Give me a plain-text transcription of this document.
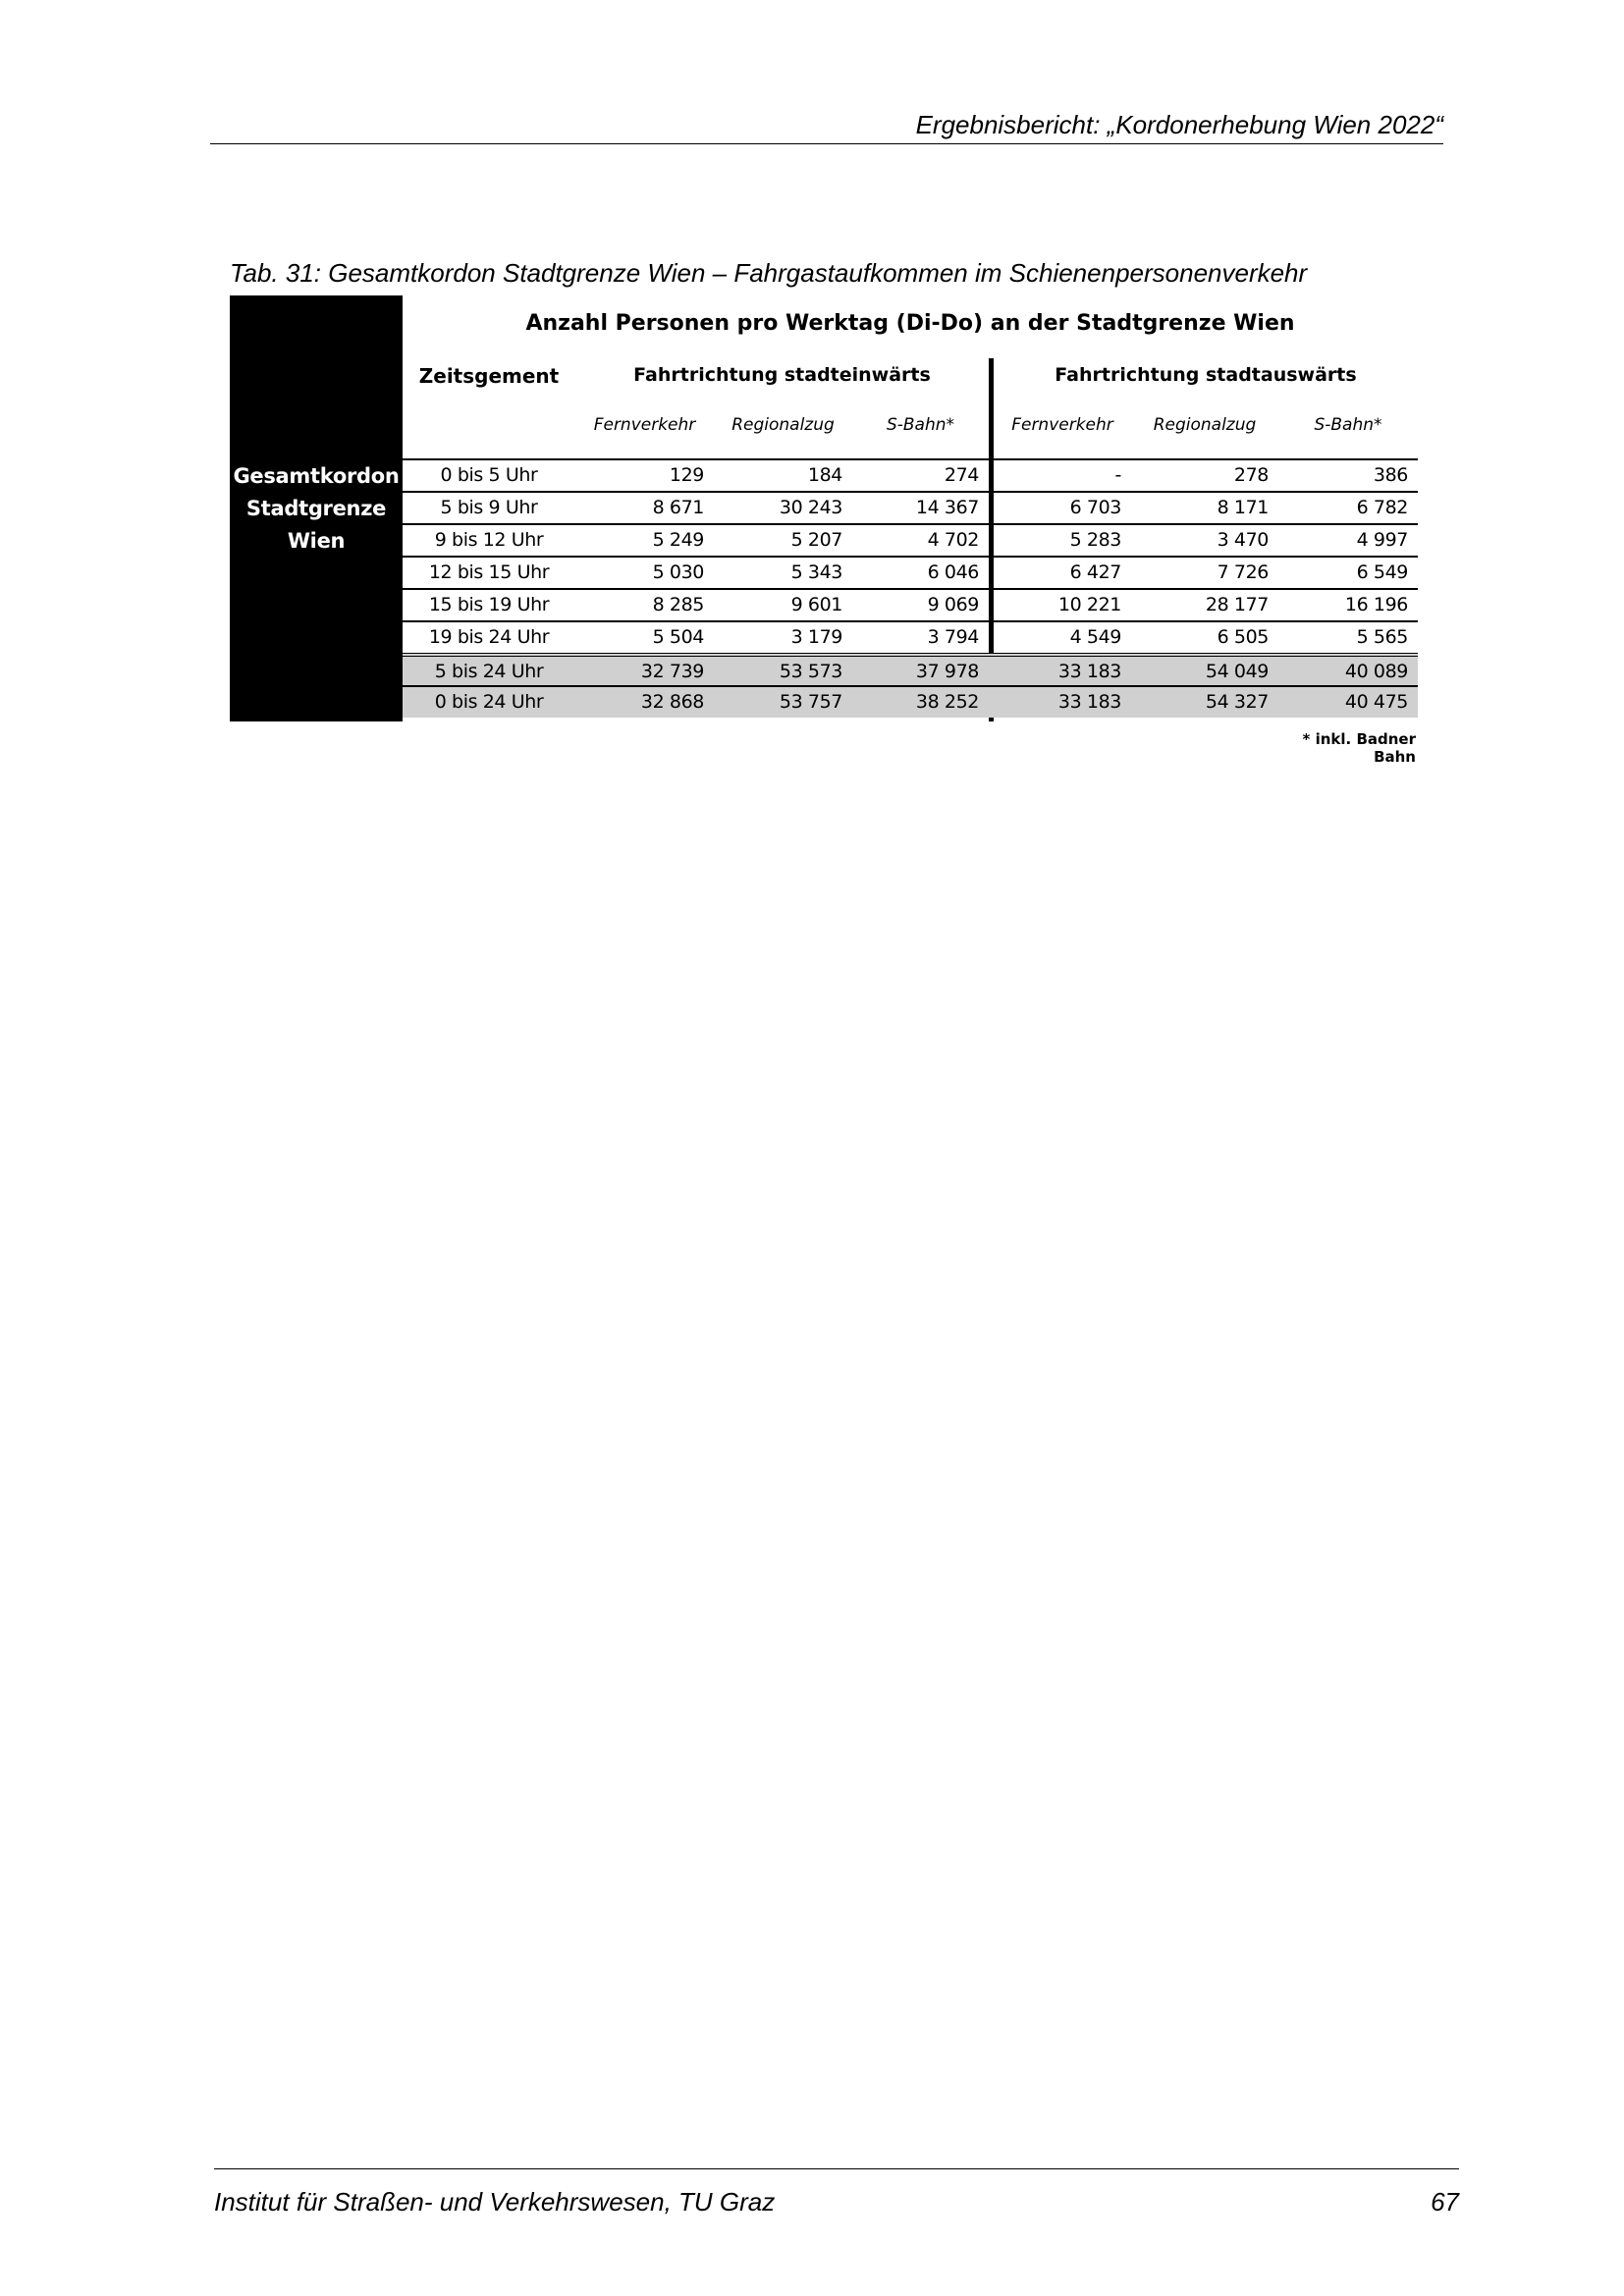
Ergebnisbericht: „Kordonerhebung Wien 2022“
Tab. 31: Gesamtkordon Stadtgrenze Wien – Fahrgastaufkommen im Schienenpersonenverkehr
Gesamtkordon
Stadtgrenze
Wien
Anzahl Personen pro Werktag (Di-Do) an der Stadtgrenze Wien
Zeitsgement	Fahrtrichtung stadteinwärts	Fahrtrichtung stadtauswärts
Fernverkehr	Regionalzug	S-Bahn*	Fernverkehr	Regionalzug	S-Bahn*
0 bis 5 Uhr	129	184	274	-	278	386
5 bis 9 Uhr	8 671	30 243	14 367	6 703	8 171	6 782
9 bis 12 Uhr	5 249	5 207	4 702	5 283	3 470	4 997
12 bis 15 Uhr	5 030	5 343	6 046	6 427	7 726	6 549
15 bis 19 Uhr	8 285	9 601	9 069	10 221	28 177	16 196
19 bis 24 Uhr	5 504	3 179	3 794	4 549	6 505	5 565
5 bis 24 Uhr	32 739	53 573	37 978	33 183	54 049	40 089
0 bis 24 Uhr	32 868	53 757	38 252	33 183	54 327	40 475
* inkl. Badner Bahn
Institut für Straßen- und Verkehrswesen, TU Graz	67
